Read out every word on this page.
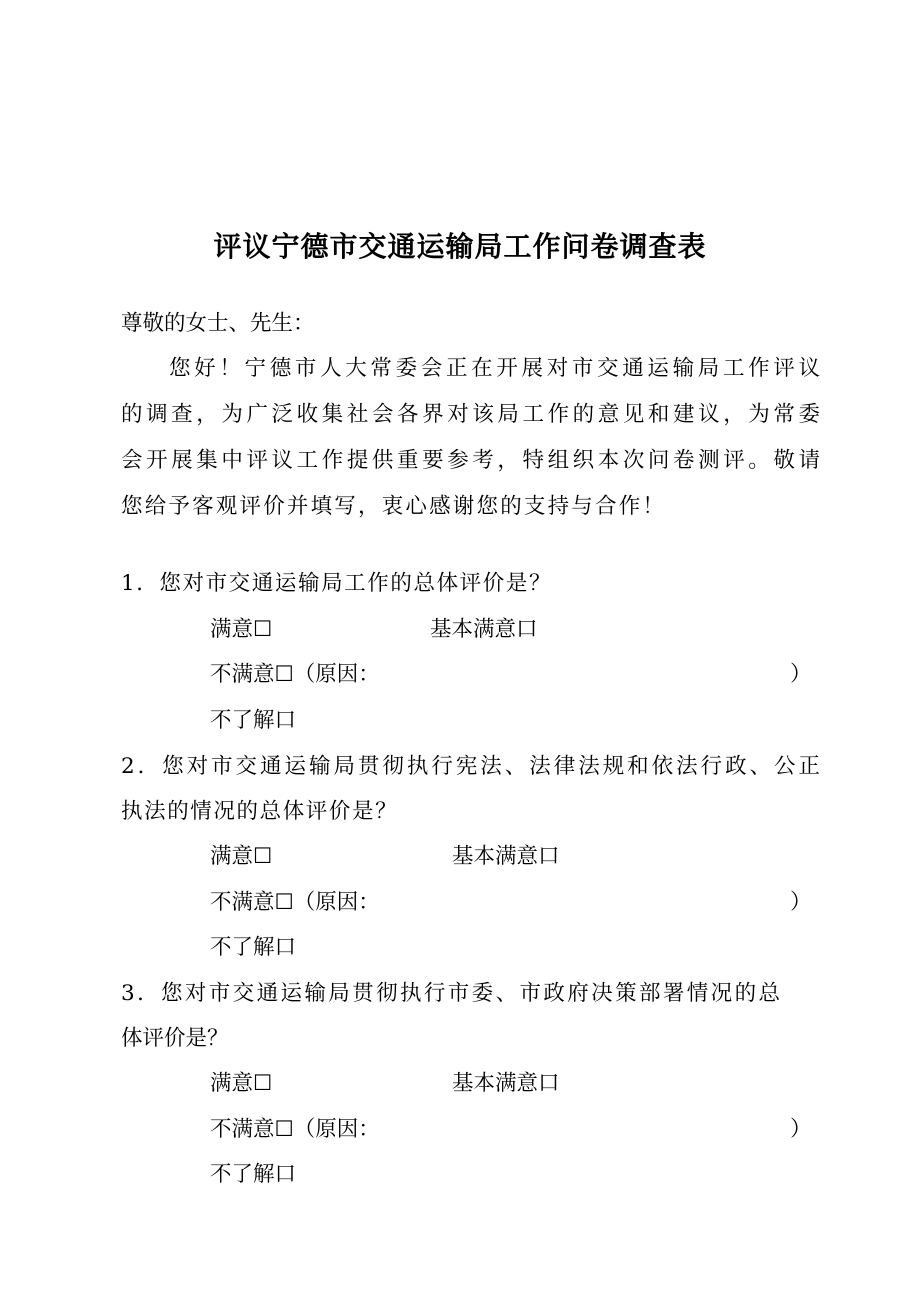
评议宁德市交通运输局工作问卷调查表
尊敬的女士、先生：
您好！宁德市人大常委会正在开展对市交通运输局工作评议
的调查，为广泛收集社会各界对该局工作的意见和建议，为常委
会开展集中评议工作提供重要参考，特组织本次问卷测评。敬请
您给予客观评价并填写，衷心感谢您的支持与合作！
1．您对市交通运输局工作的总体评价是？
满意☐	基本满意口
不满意☐（原因：	）
不了解口
2．您对市交通运输局贯彻执行宪法、法律法规和依法行政、公正
执法的情况的总体评价是？
满意☐	基本满意口
不满意☐（原因：	）
不了解口
3．您对市交通运输局贯彻执行市委、市政府决策部署情况的总
体评价是？
满意☐	基本满意口
不满意☐（原因：	）
不了解口
